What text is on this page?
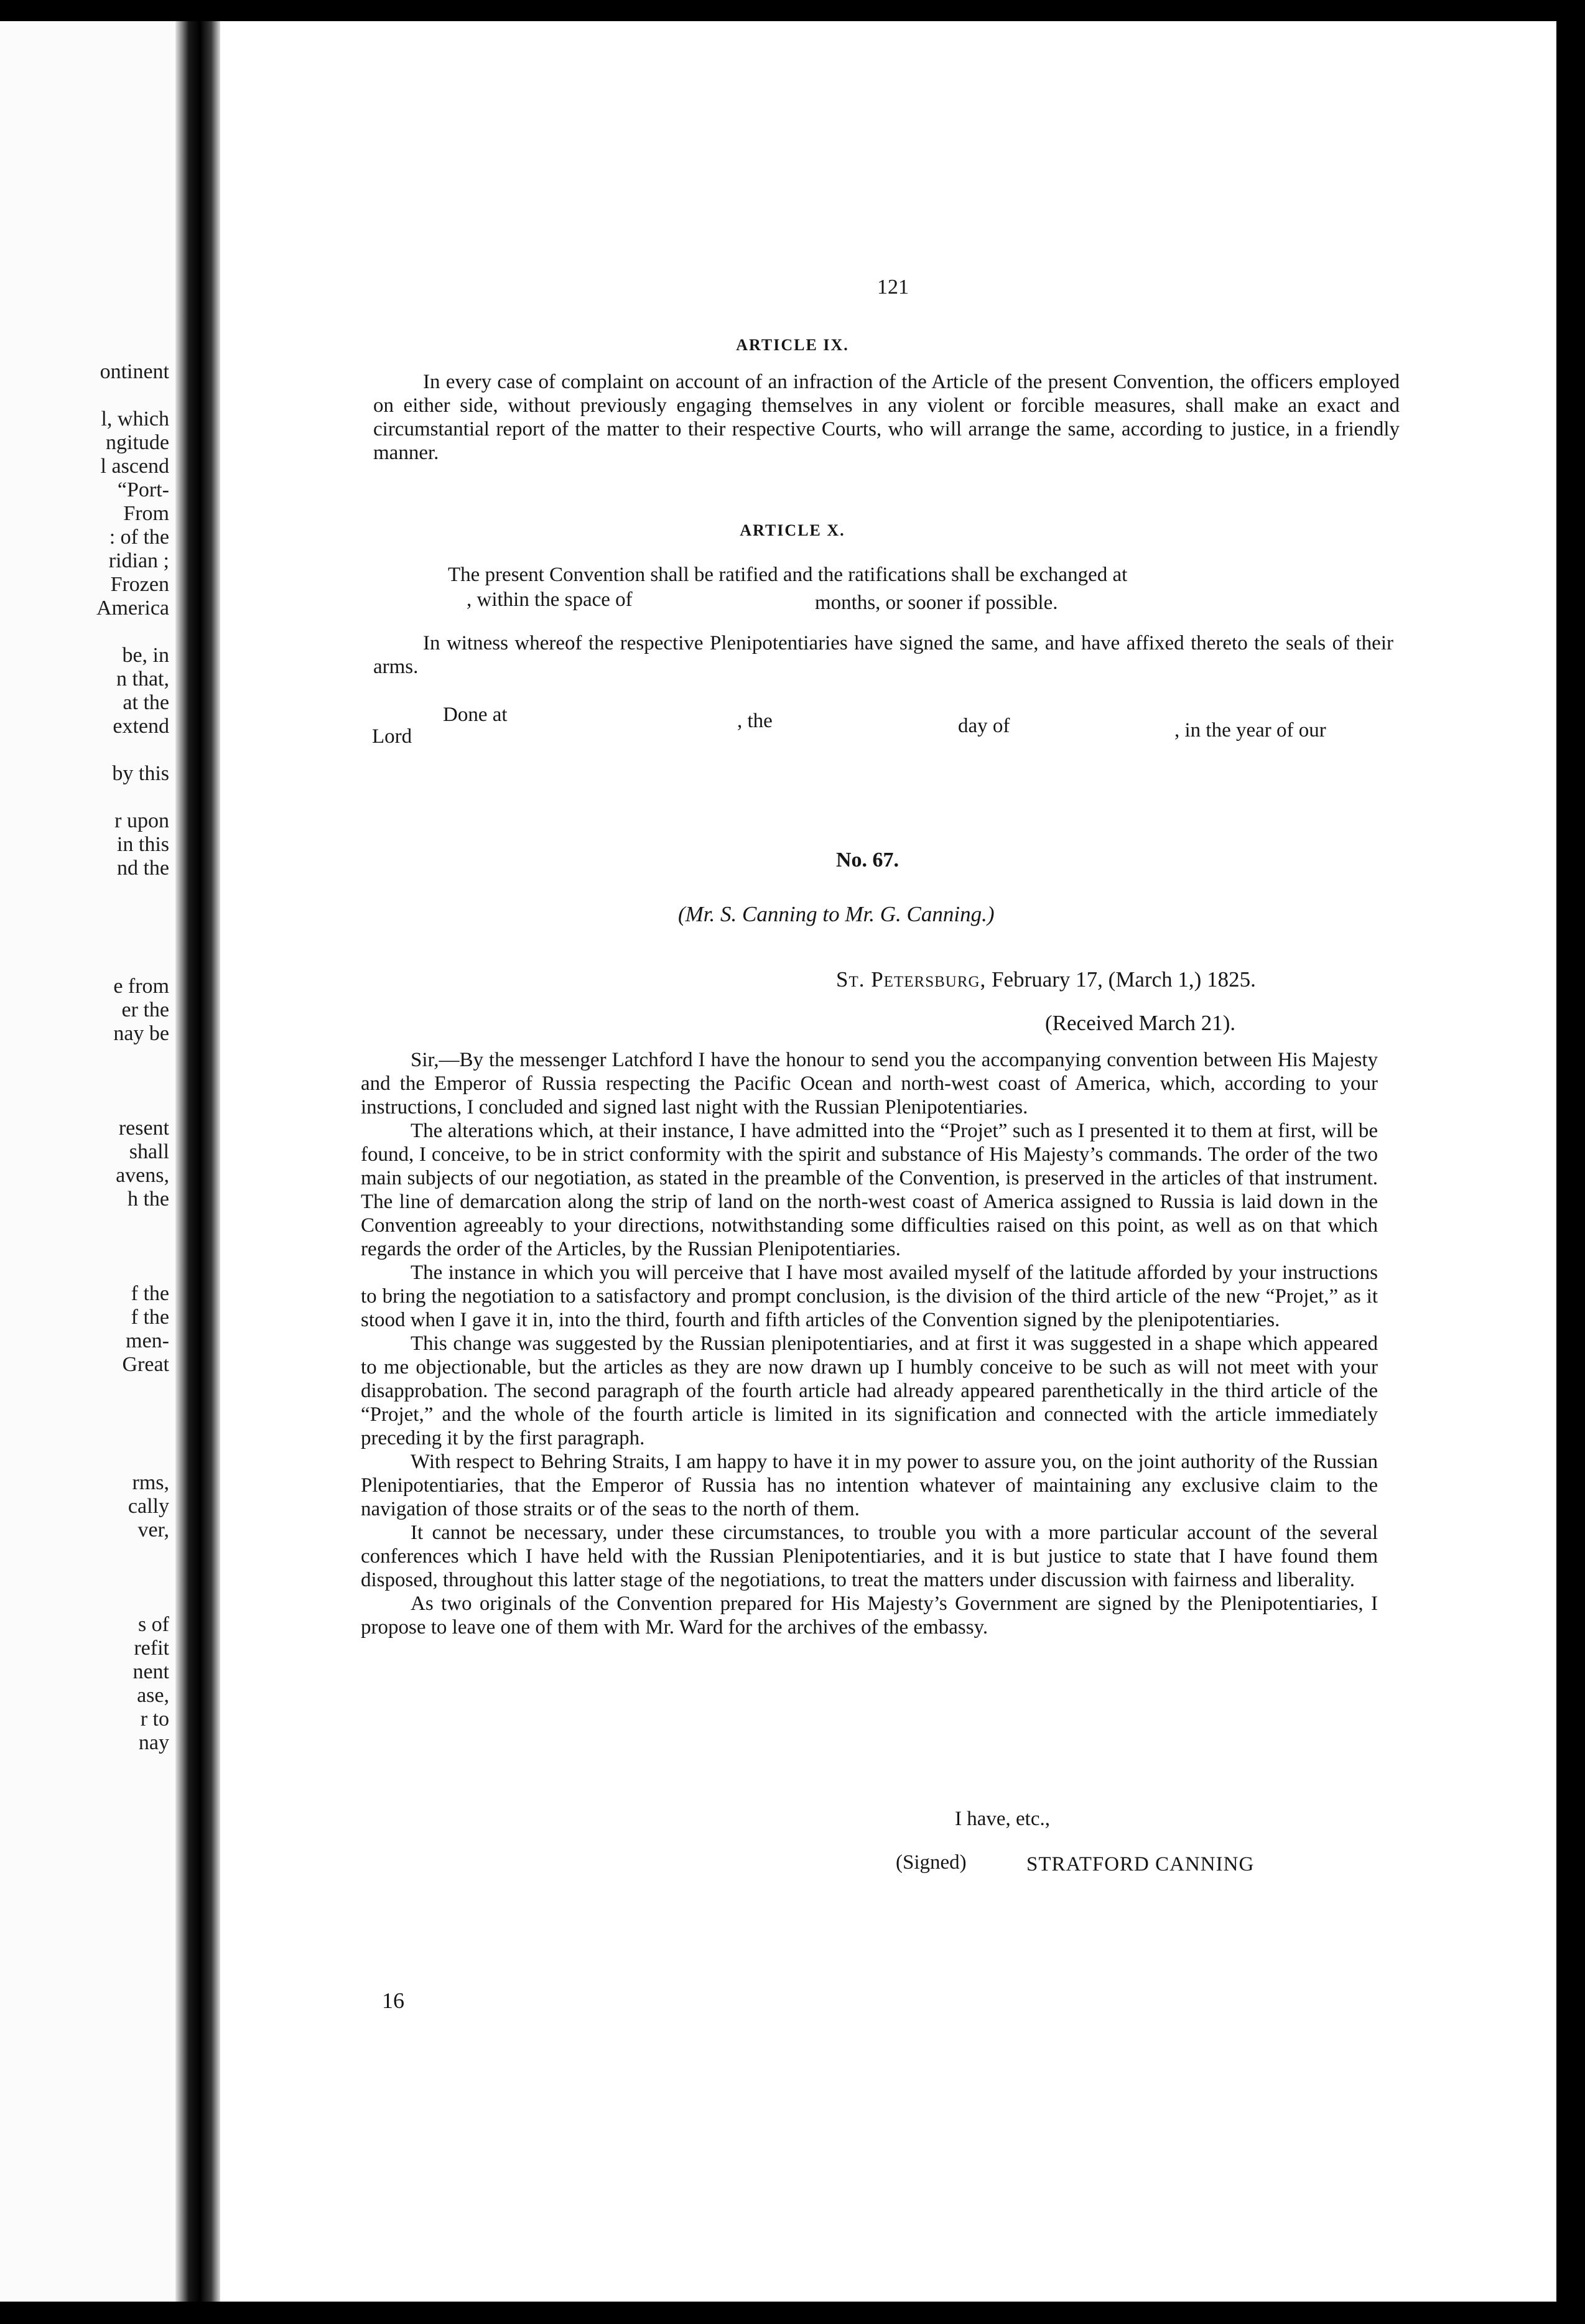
ontinent

l, which
ngitude
l ascend
“Port-
From
: of the
ridian ;
Frozen
America

be, in
n that,
at the
extend

by this

r upon
in this
nd the

e from
er the
nay be

resent
shall
avens,
h the

f the
f the
men-
Great

rms,
cally
ver,

s of
refit
nent
ase,
r to
nay
121
ARTICLE IX.

In every case of complaint on account of an infraction of the Article of the present Convention, the officers employed on either side, without previously engaging themselves in any violent or forcible measures, shall make an exact and circumstantial report of the matter to their respective Courts, who will arrange the same, according to justice, in a friendly manner.

ARTICLE X.
The present Convention shall be ratified and the ratifications shall be exchanged at
, within the space of	months, or sooner if possible.

In witness whereof the respective Plenipotentiaries have signed the same, and have affixed thereto the seals of their arms.

Done at	, the	day of	, in the year of our
Lord
No. 67.
(Mr. S. Canning to Mr. G. Canning.)
St. Petersburg, February 17, (March 1,) 1825.
(Received March 21).

Sir,—By the messenger Latchford I have the honour to send you the accompanying convention between His Majesty and the Emperor of Russia respecting the Pacific Ocean and north-west coast of America, which, according to your instructions, I concluded and signed last night with the Russian Plenipotentiaries.

The alterations which, at their instance, I have admitted into the “Projet” such as I presented it to them at first, will be found, I conceive, to be in strict conformity with the spirit and substance of His Majesty’s commands. The order of the two main subjects of our negotiation, as stated in the preamble of the Convention, is preserved in the articles of that instrument. The line of demarcation along the strip of land on the north-west coast of America assigned to Russia is laid down in the Convention agreeably to your directions, notwithstanding some difficulties raised on this point, as well as on that which regards the order of the Articles, by the Russian Plenipotentiaries.

The instance in which you will perceive that I have most availed myself of the latitude afforded by your instructions to bring the negotiation to a satisfactory and prompt conclusion, is the division of the third article of the new “Projet,” as it stood when I gave it in, into the third, fourth and fifth articles of the Convention signed by the plenipotentiaries.

This change was suggested by the Russian plenipotentiaries, and at first it was suggested in a shape which appeared to me objectionable, but the articles as they are now drawn up I humbly conceive to be such as will not meet with your disapprobation. The second paragraph of the fourth article had already appeared parenthetically in the third article of the “Projet,” and the whole of the fourth article is limited in its signification and connected with the article immediately preceding it by the first paragraph.

With respect to Behring Straits, I am happy to have it in my power to assure you, on the joint authority of the Russian Plenipotentiaries, that the Emperor of Russia has no intention whatever of maintaining any exclusive claim to the navigation of those straits or of the seas to the north of them.

It cannot be necessary, under these circumstances, to trouble you with a more particular account of the several conferences which I have held with the Russian Plenipotentiaries, and it is but justice to state that I have found them disposed, throughout this latter stage of the negotiations, to treat the matters under discussion with fairness and liberality.

As two originals of the Convention prepared for His Majesty’s Government are signed by the Plenipotentiaries, I propose to leave one of them with Mr. Ward for the archives of the embassy.

I have, etc.,
(Signed)	STRATFORD CANNING
16
